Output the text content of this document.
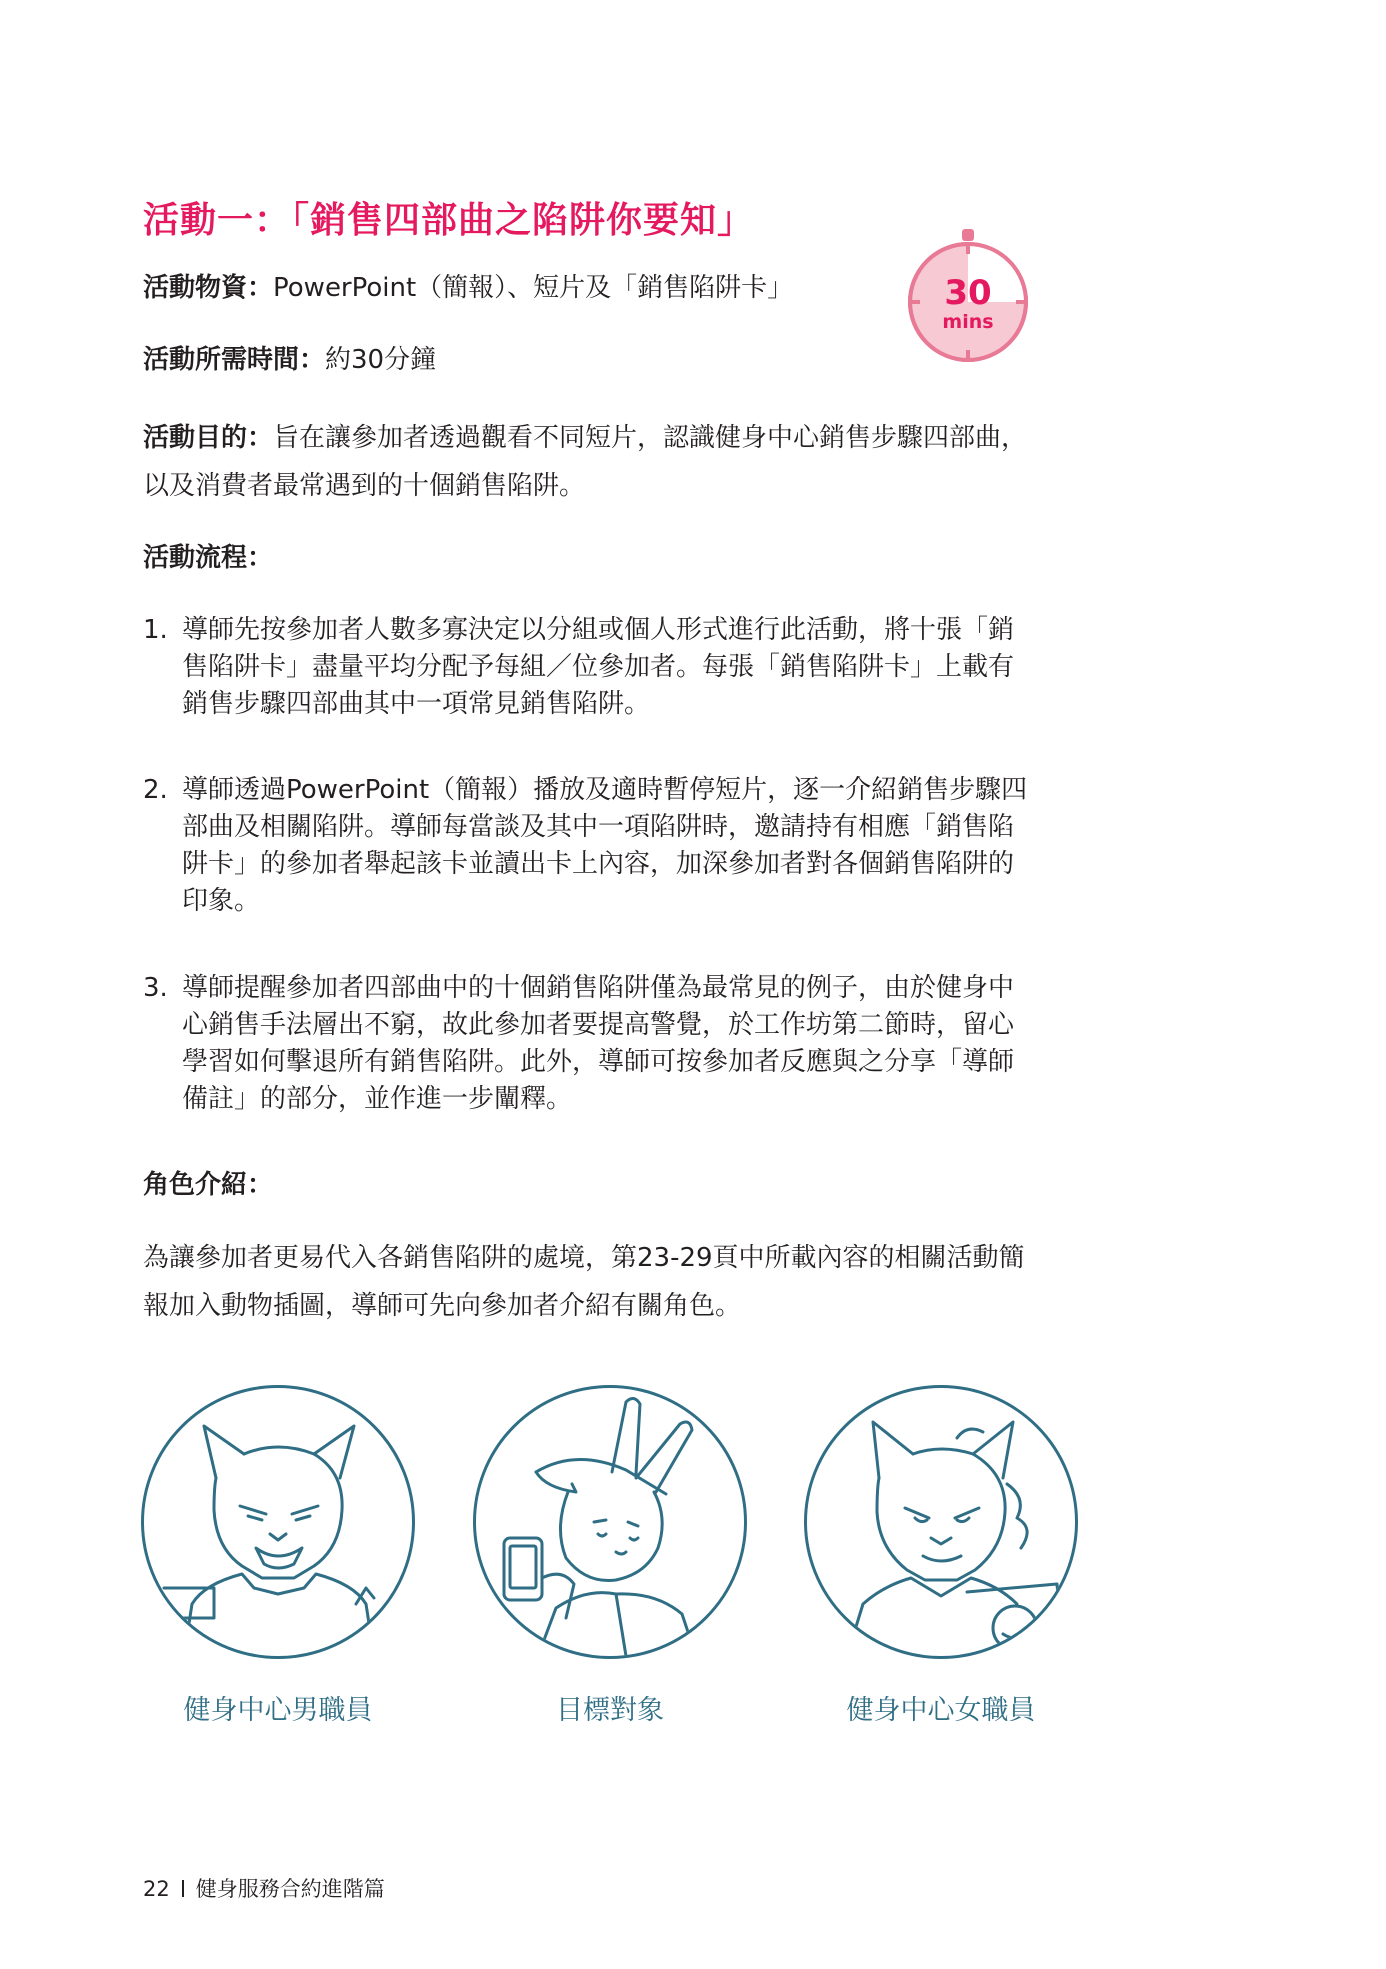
活動一：「銷售四部曲之陷阱你要知」
活動物資：PowerPoint（簡報）、短片及「銷售陷阱卡」
活動所需時間：約30分鐘
30
mins
活動目的：旨在讓參加者透過觀看不同短片，認識健身中心銷售步驟四部曲，以及消費者最常遇到的十個銷售陷阱。
活動流程：
1. 導師先按參加者人數多寡決定以分組或個人形式進行此活動，將十張「銷售陷阱卡」盡量平均分配予每組／位參加者。每張「銷售陷阱卡」上載有銷售步驟四部曲其中一項常見銷售陷阱。
2. 導師透過PowerPoint（簡報）播放及適時暫停短片，逐一介紹銷售步驟四部曲及相關陷阱。導師每當談及其中一項陷阱時，邀請持有相應「銷售陷阱卡」的參加者舉起該卡並讀出卡上內容，加深參加者對各個銷售陷阱的印象。
3. 導師提醒參加者四部曲中的十個銷售陷阱僅為最常見的例子，由於健身中心銷售手法層出不窮，故此參加者要提高警覺，於工作坊第二節時，留心學習如何擊退所有銷售陷阱。此外，導師可按參加者反應與之分享「導師備註」的部分，並作進一步闡釋。
角色介紹：
為讓參加者更易代入各銷售陷阱的處境，第23-29頁中所載內容的相關活動簡報加入動物插圖，導師可先向參加者介紹有關角色。
健身中心男職員	目標對象	健身中心女職員
22 健身服務合約進階篇
